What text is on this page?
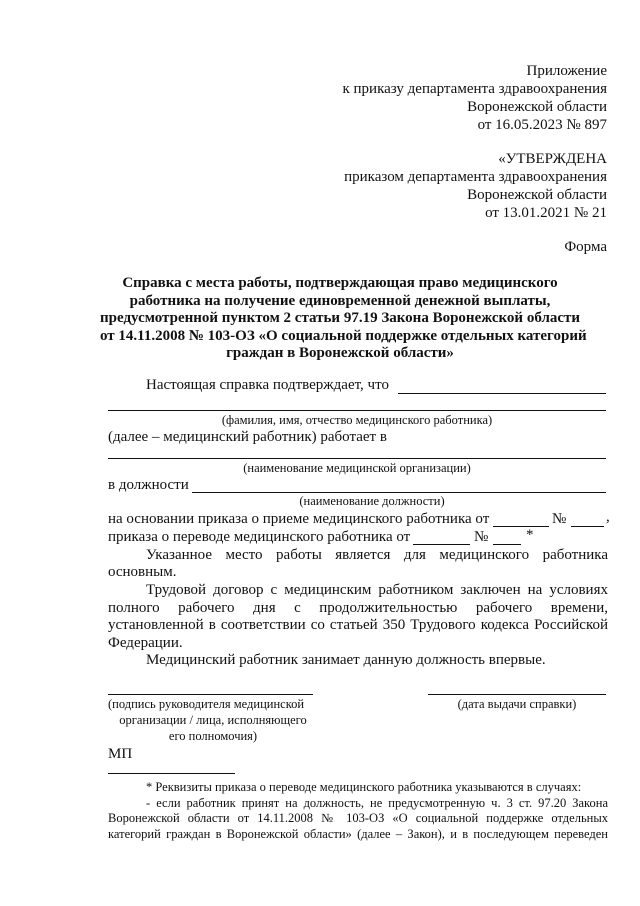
Приложение
к приказу департамента здравоохранения
Воронежской области
от 16.05.2023 № 897
«УТВЕРЖДЕНА
приказом департамента здравоохранения
Воронежской области
от 13.01.2021 № 21
Форма
Справка с места работы, подтверждающая право медицинского
работника на получение единовременной денежной выплаты,
предусмотренной пунктом 2 статьи 97.19 Закона Воронежской области
от 14.11.2008 № 103-ОЗ «О социальной поддержке отдельных категорий
граждан в Воронежской области»
Настоящая справка подтверждает, что
(фамилия, имя, отчество медицинского работника)
(далее – медицинский работник) работает в
(наименование медицинской организации)
в должности
(наименование должности)
на основании приказа о приеме медицинского работника от	№	,
приказа о переводе медицинского работника от	№	*
Указанное место работы является для медицинского работника
основным.
Трудовой договор с медицинским работником заключен на условиях
полного рабочего дня с продолжительностью рабочего времени,
установленной в соответствии со статьей 350 Трудового кодекса Российской
Федерации.
Медицинский работник занимает данную должность впервые.
(подпись руководителя медицинской
организации / лица, исполняющего
его полномочия)
(дата выдачи справки)
МП
* Реквизиты приказа о переводе медицинского работника указываются в случаях:
- если работник принят на должность, не предусмотренную ч. 3 ст. 97.20 Закона
Воронежской области от 14.11.2008 № 103-ОЗ «О социальной поддержке отдельных
категорий граждан в Воронежской области» (далее – Закон), и в последующем переведен
